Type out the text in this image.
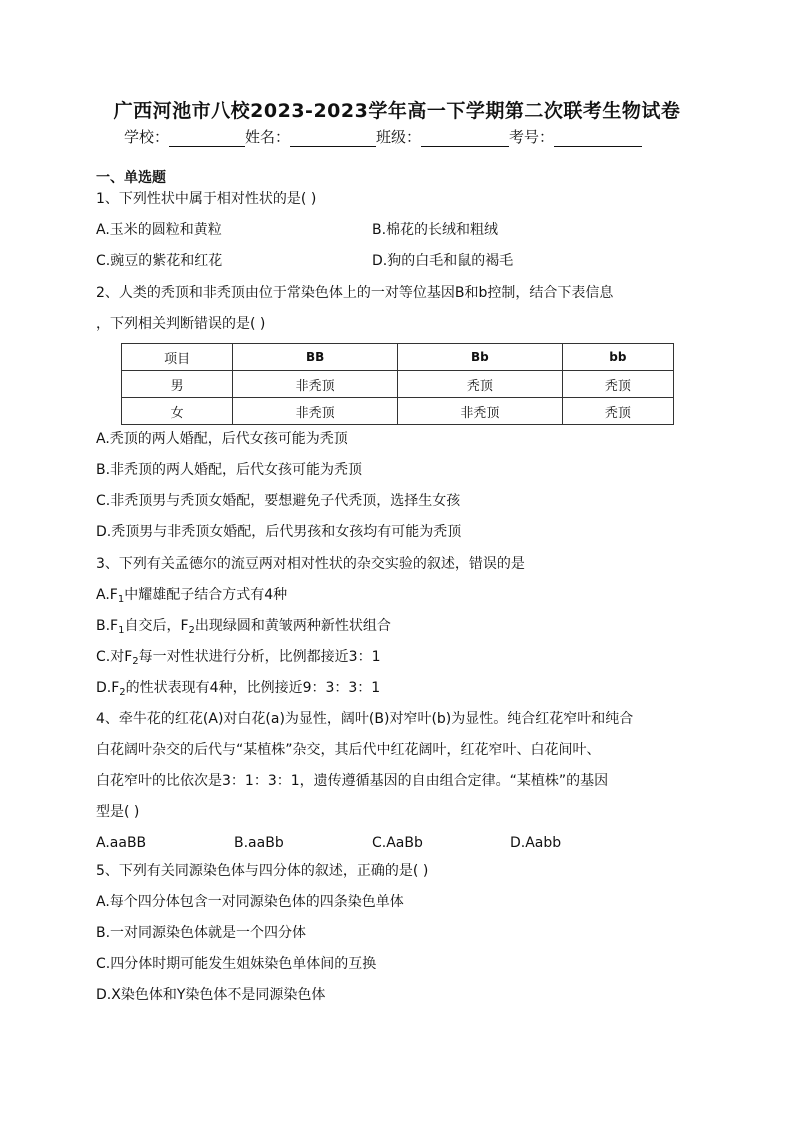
广西河池市八校2023-2023学年高一下学期第二次联考生物试卷
学校：	姓名：	班级：	考号：
一、单选题
1、下列性状中属于相对性状的是( )
A.玉米的圆粒和黄粒	B.棉花的长绒和粗绒
C.豌豆的紫花和红花	D.狗的白毛和鼠的褐毛
2、人类的秃顶和非秃顶由位于常染色体上的一对等位基因B和b控制，结合下表信息
，下列相关判断错误的是( )
项目	BB	Bb	bb
男	非秃顶	秃顶	秃顶
女	非秃顶	非秃顶	秃顶
A.秃顶的两人婚配，后代女孩可能为秃顶
B.非秃顶的两人婚配，后代女孩可能为秃顶
C.非秃顶男与秃顶女婚配，要想避免子代秃顶，选择生女孩
D.秃顶男与非秃顶女婚配，后代男孩和女孩均有可能为秃顶
3、下列有关孟德尔的流豆两对相对性状的杂交实验的叙述，错误的是
$A.F_1$中耀雄配子结合方式有4种
$B.F_1$自交后，$F_2$出现绿圆和黄皱两种新性状组合
C.对$F_2$每一对性状进行分析，比例都接近3：1
$D.F_2$的性状表现有4种，比例接近9：3：3：1
4、牵牛花的红花(A)对白花(a)为显性，阔叶(B)对窄叶(b)为显性。纯合红花窄叶和纯合
白花阔叶杂交的后代与“某植株”杂交，其后代中红花阔叶，红花窄叶、白花间叶、
白花窄叶的比依次是3：1：3：1，遗传遵循基因的自由组合定律。“某植株”的基因
型是( )
A.aaBB	B.aaBb	C.AaBb	D.Aabb
5、下列有关同源染色体与四分体的叙述，正确的是( )
A.每个四分体包含一对同源染色体的四条染色单体
B.一对同源染色体就是一个四分体
C.四分体时期可能发生姐妹染色单体间的互换
D.X染色体和Y染色体不是同源染色体
